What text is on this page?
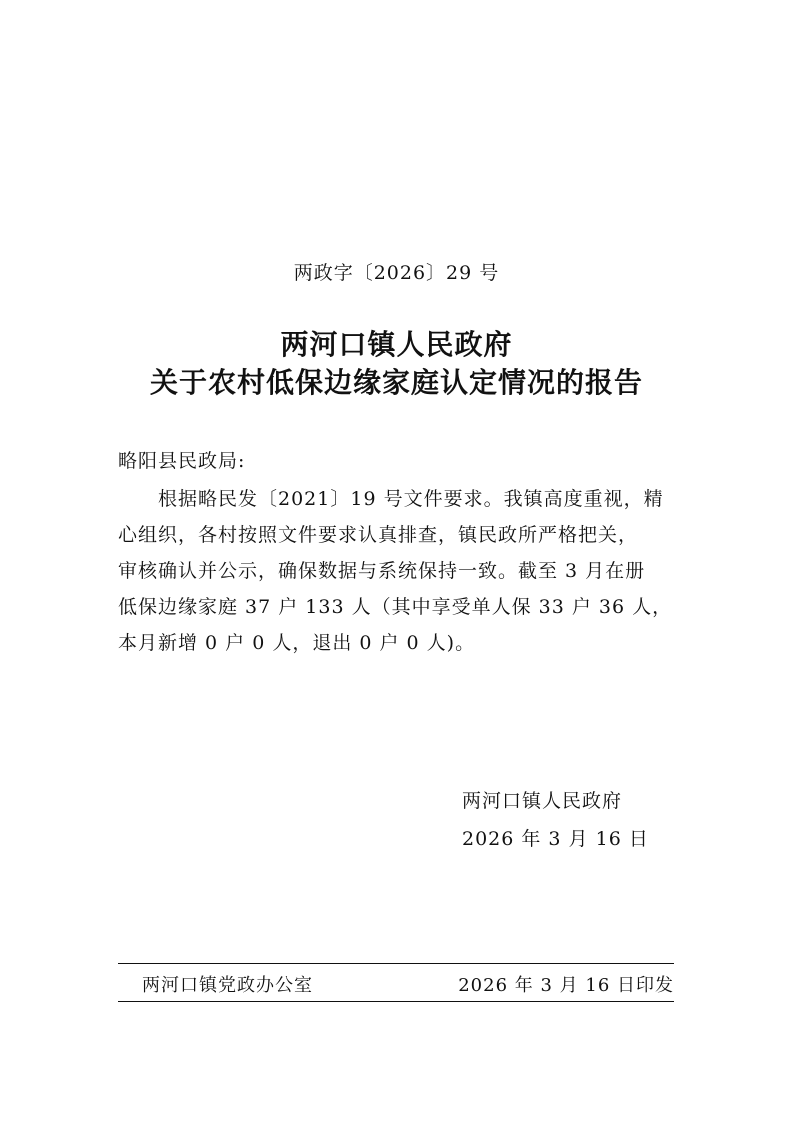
两政字〔2026〕29 号
两河口镇人民政府
关于农村低保边缘家庭认定情况的报告
略阳县民政局:
根据略民发〔2021〕19 号文件要求。我镇高度重视，精
心组织，各村按照文件要求认真排查，镇民政所严格把关，
审核确认并公示，确保数据与系统保持一致。截至 3 月在册
低保边缘家庭 37 户 133 人（其中享受单人保 33 户 36 人，
本月新增 0 户 0 人，退出 0 户 0 人)。
两河口镇人民政府
2026 年 3 月 16 日
两河口镇党政办公室	2026 年 3 月 16 日印发
